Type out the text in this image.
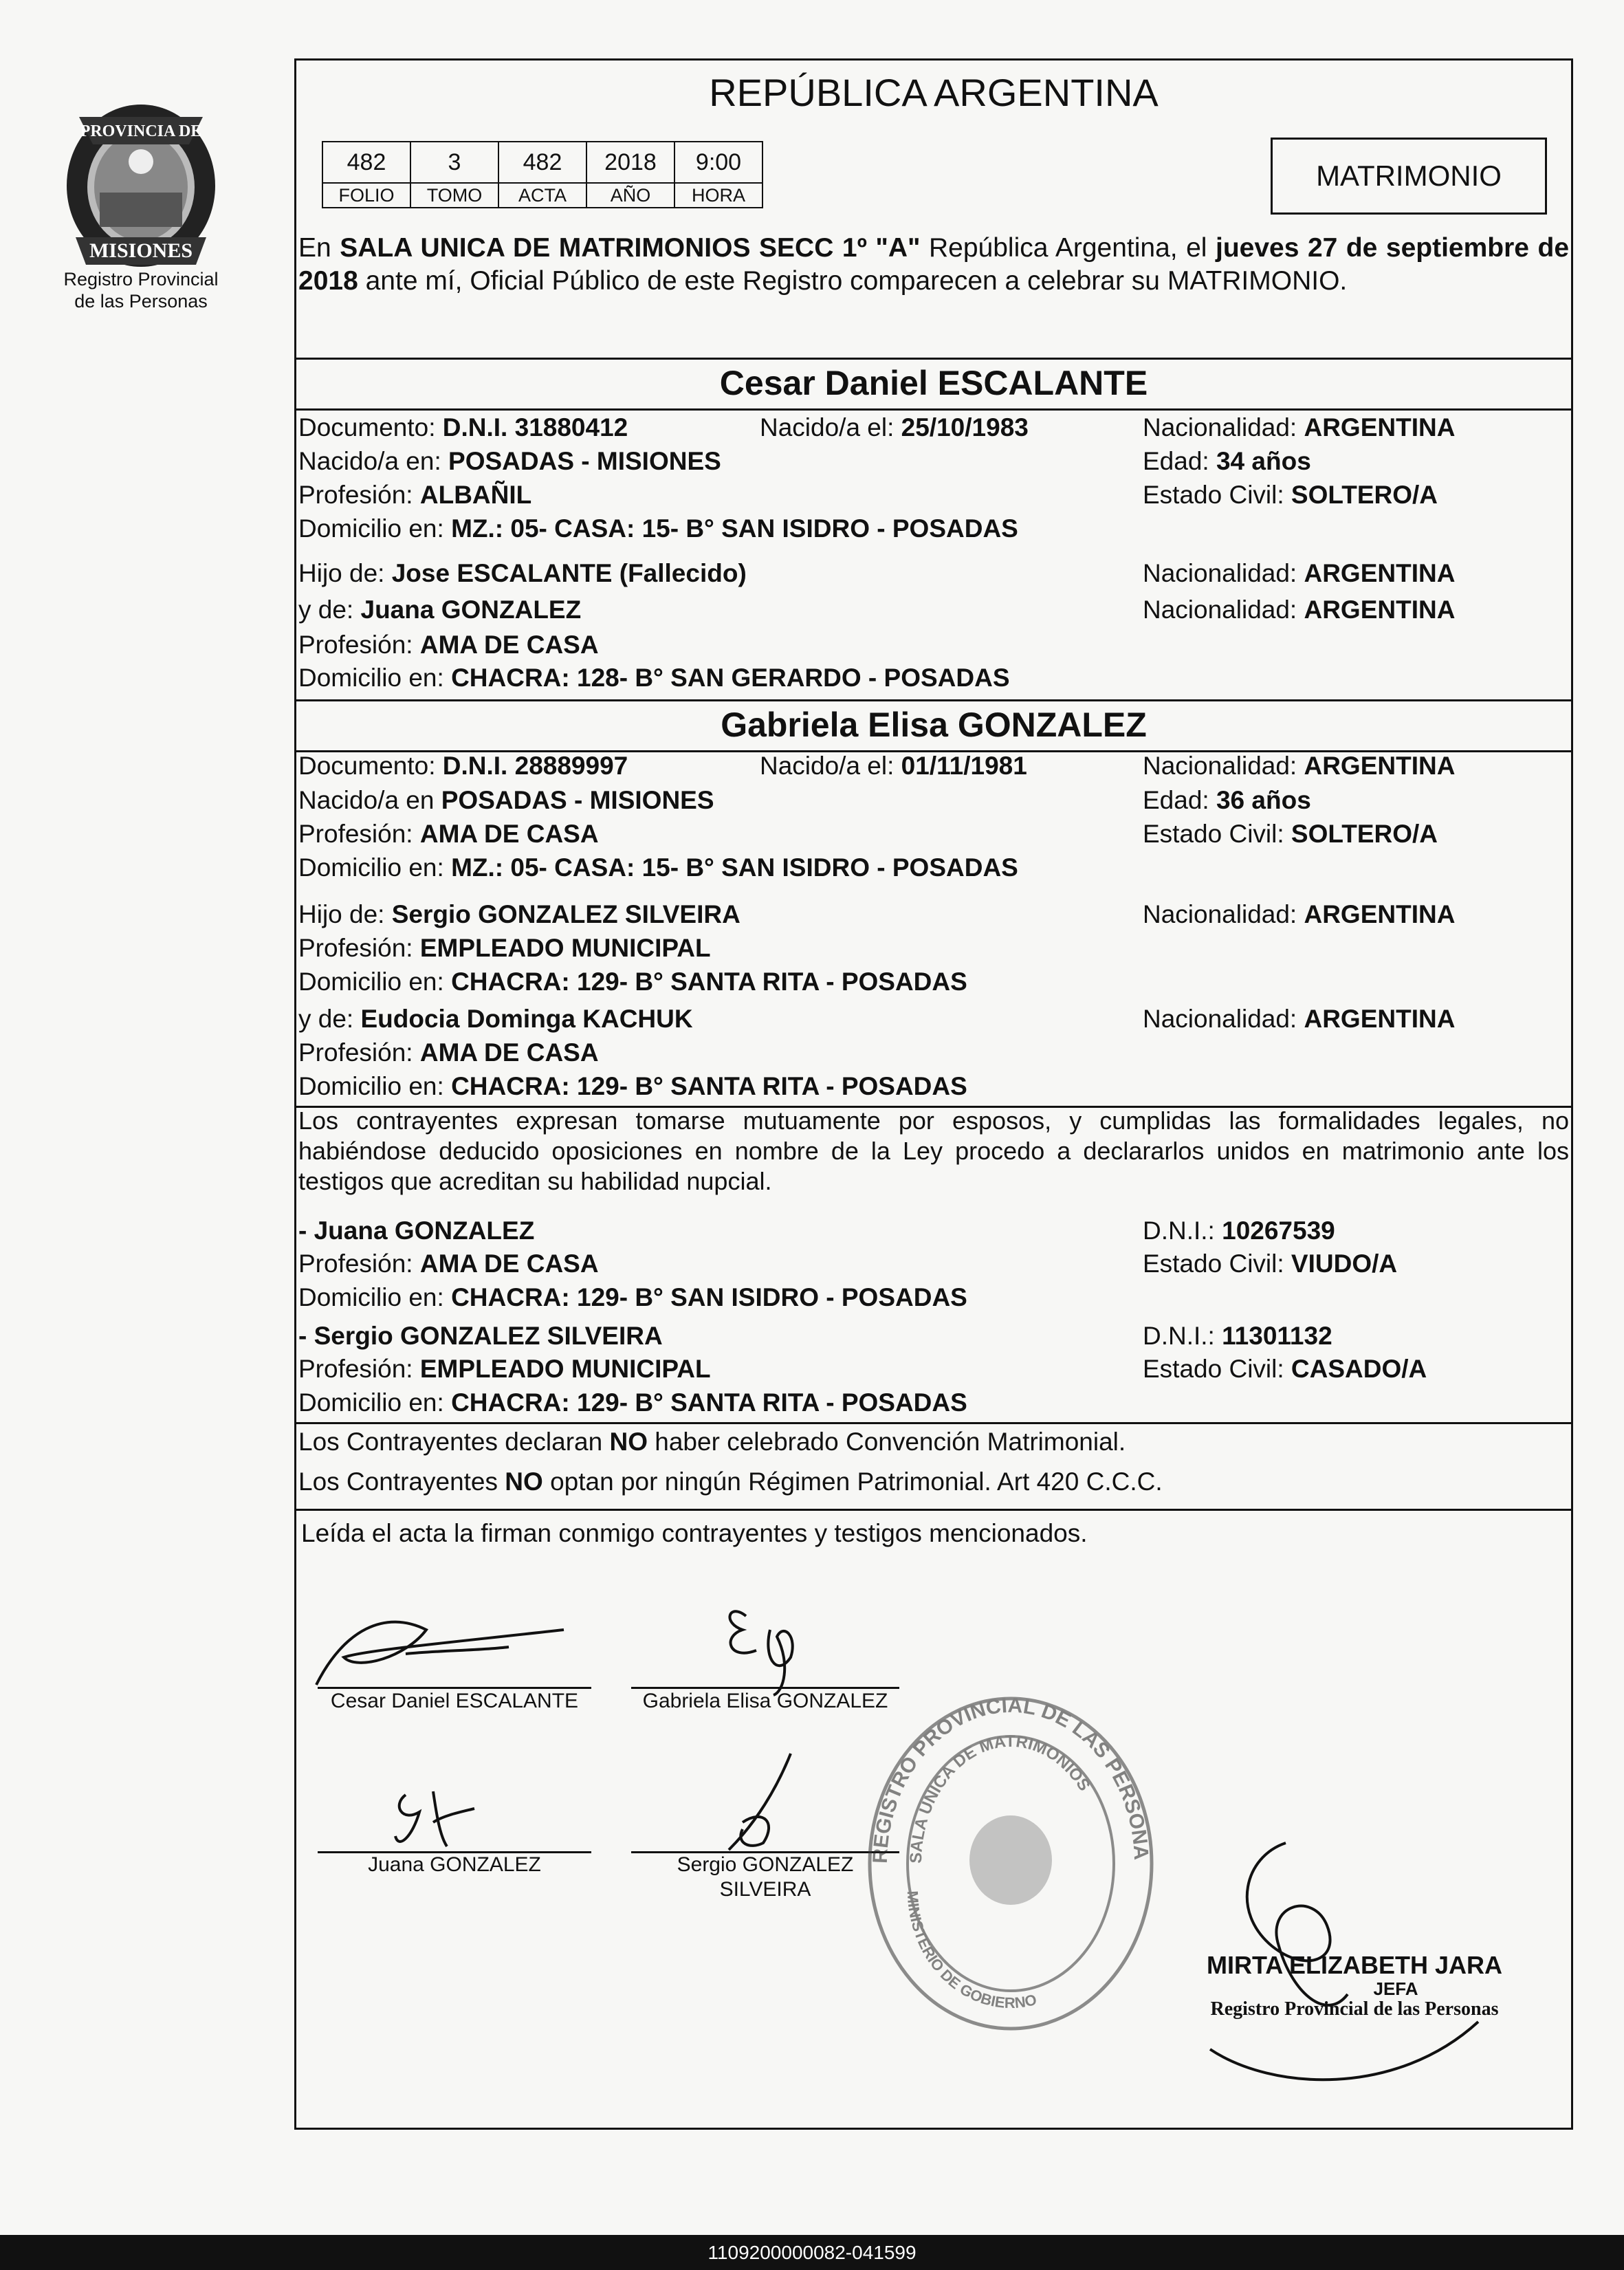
PROVINCIA DE
MISIONES
Registro Provincial
de las Personas
REPÚBLICA ARGENTINA
482	3	482	2018	9:00
FOLIO	TOMO	ACTA	AÑO	HORA
MATRIMONIO
En SALA UNICA DE MATRIMONIOS SECC 1º "A" República Argentina, el jueves 27 de septiembre de 2018 ante mí, Oficial Público de este Registro comparecen a celebrar su MATRIMONIO.
Cesar Daniel ESCALANTE
Documento: D.N.I. 31880412	Nacido/a el: 25/10/1983	Nacionalidad: ARGENTINA
Nacido/a en: POSADAS - MISIONES	Edad: 34 años
Profesión: ALBAÑIL	Estado Civil: SOLTERO/A
Domicilio en: MZ.: 05- CASA: 15- B° SAN ISIDRO - POSADAS
Hijo de: Jose ESCALANTE (Fallecido)	Nacionalidad: ARGENTINA
y de: Juana GONZALEZ	Nacionalidad: ARGENTINA
Profesión: AMA DE CASA
Domicilio en: CHACRA: 128- B° SAN GERARDO - POSADAS
Gabriela Elisa GONZALEZ
Documento: D.N.I. 28889997	Nacido/a el: 01/11/1981	Nacionalidad: ARGENTINA
Nacido/a en POSADAS - MISIONES	Edad: 36 años
Profesión: AMA DE CASA	Estado Civil: SOLTERO/A
Domicilio en: MZ.: 05- CASA: 15- B° SAN ISIDRO - POSADAS
Hijo de: Sergio GONZALEZ SILVEIRA	Nacionalidad: ARGENTINA
Profesión: EMPLEADO MUNICIPAL
Domicilio en: CHACRA: 129- B° SANTA RITA - POSADAS
y de: Eudocia Dominga KACHUK	Nacionalidad: ARGENTINA
Profesión: AMA DE CASA
Domicilio en: CHACRA: 129- B° SANTA RITA - POSADAS
Los contrayentes expresan tomarse mutuamente por esposos, y cumplidas las formalidades legales, no habiéndose deducido oposiciones en nombre de la Ley procedo a declararlos unidos en matrimonio ante los testigos que acreditan su habilidad nupcial.
- Juana GONZALEZ	D.N.I.: 10267539
Profesión: AMA DE CASA	Estado Civil: VIUDO/A
Domicilio en: CHACRA: 129- B° SAN ISIDRO - POSADAS
- Sergio GONZALEZ SILVEIRA	D.N.I.: 11301132
Profesión: EMPLEADO MUNICIPAL	Estado Civil: CASADO/A
Domicilio en: CHACRA: 129- B° SANTA RITA - POSADAS
Los Contrayentes declaran NO haber celebrado Convención Matrimonial.
Los Contrayentes NO optan por ningún Régimen Patrimonial. Art 420 C.C.C.
Leída el acta la firman conmigo contrayentes y testigos mencionados.
Cesar Daniel ESCALANTE	Gabriela Elisa GONZALEZ
Juana GONZALEZ	Sergio GONZALEZ
SILVEIRA
REGISTRO PROVINCIAL DE LAS PERSONA
SALA UNICA DE MATRIMONIOS
MINISTERIO DE GOBIERNO
MIRTA ELIZABETH JARA
JEFA
Registro Provincial de las Personas
1109200000082-041599
